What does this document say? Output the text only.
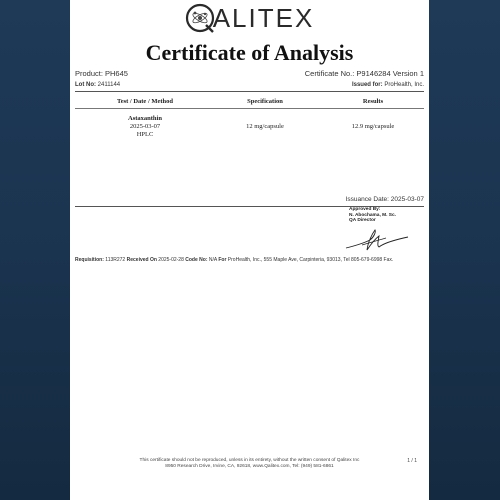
ALITEX
Certificate of Analysis
Product: PH645	Certificate No.: P9146284 Version 1
Lot No: 2411144	Issued for: ProHealth, Inc.
Test / Date / Method	Specification	Results
Astaxanthin
2025-03-07
HPLC
12 mg/capsule	12.9 mg/capsule
Issuance Date: 2025-03-07
Approved By:
N. Abochama, M. Sc.
QA Director
Requisition: 113R272 Received On 2025-02-28 Code No: N/A For ProHealth, Inc., 555 Maple Ave, Carpinteria, 93013, Tel 805-679-6998 Fax.
This certificate should not be reproduced, unless in its entirety, without the written consent of Qalitex Inc
8950 Research Drive, Irvine, CA, 92618, www.Qalitex.com, Tel: (949) 581-6861
1 / 1
